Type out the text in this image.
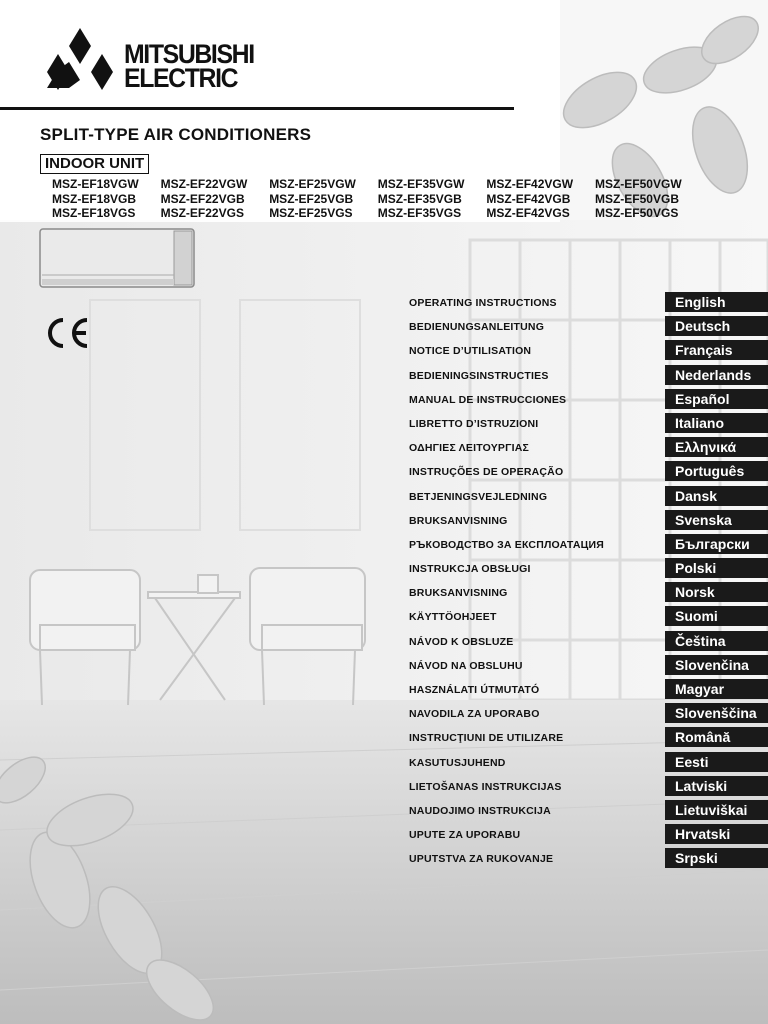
MITSUBISHI
ELECTRIC
SPLIT-TYPE AIR CONDITIONERS
INDOOR UNIT
MSZ-EF18VGW	MSZ-EF22VGW	MSZ-EF25VGW	MSZ-EF35VGW	MSZ-EF42VGW	MSZ-EF50VGW
MSZ-EF18VGB	MSZ-EF22VGB	MSZ-EF25VGB	MSZ-EF35VGB	MSZ-EF42VGB	MSZ-EF50VGB
MSZ-EF18VGS	MSZ-EF22VGS	MSZ-EF25VGS	MSZ-EF35VGS	MSZ-EF42VGS	MSZ-EF50VGS
OPERATING INSTRUCTIONS	English
BEDIENUNGSANLEITUNG	Deutsch
NOTICE D’UTILISATION	Français
BEDIENINGSINSTRUCTIES	Nederlands
MANUAL DE INSTRUCCIONES	Español
LIBRETTO D’ISTRUZIONI	Italiano
ΟΔΗΓΙΕΣ ΛΕΙΤΟΥΡΓΙΑΣ	Ελληνικά
INSTRUÇÕES DE OPERAÇÃO	Português
BETJENINGSVEJLEDNING	Dansk
BRUKSANVISNING	Svenska
РЪКОВОДСТВО ЗА ЕКСПЛОАТАЦИЯ	Български
INSTRUKCJA OBSŁUGI	Polski
BRUKSANVISNING	Norsk
KÄYTTÖOHJEET	Suomi
NÁVOD K OBSLUZE	Čeština
NÁVOD NA OBSLUHU	Slovenčina
HASZNÁLATI ÚTMUTATÓ	Magyar
NAVODILA ZA UPORABO	Slovenščina
INSTRUCŢIUNI DE UTILIZARE	Română
KASUTUSJUHEND	Eesti
LIETOŠANAS INSTRUKCIJAS	Latviski
NAUDOJIMO INSTRUKCIJA	Lietuviškai
UPUTE ZA UPORABU	Hrvatski
UPUTSTVA ZA RUKOVANJE	Srpski
